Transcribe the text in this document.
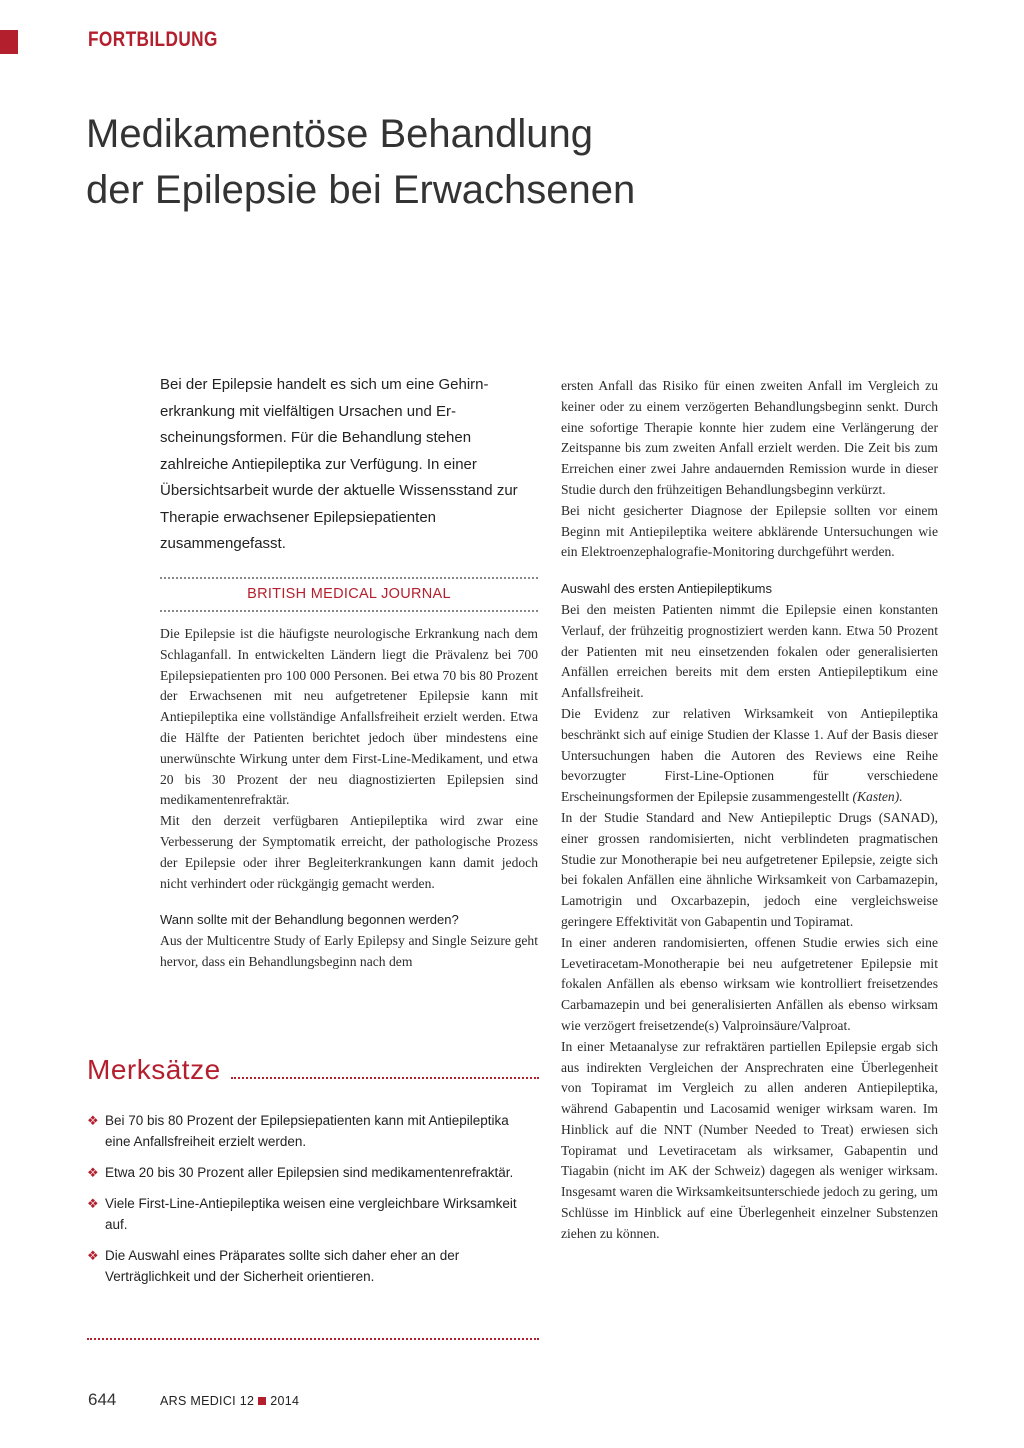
FORTBILDUNG
Medikamentöse Behandlung
der Epilepsie bei Erwachsenen

Bei der Epilepsie handelt es sich um eine Gehirnerkrankung mit vielfältigen Ursachen und Erscheinungsformen. Für die Behandlung stehen zahlreiche Antiepileptika zur Verfügung. In einer Übersichtsarbeit wurde der aktuelle Wissensstand zur Therapie erwachsener Epilepsiepatienten zusammengefasst.

BRITISH MEDICAL JOURNAL

Die Epilepsie ist die häufigste neurologische Erkrankung nach dem Schlaganfall. In entwickelten Ländern liegt die Prävalenz bei 700 Epilepsiepatienten pro 100 000 Personen. Bei etwa 70 bis 80 Prozent der Erwachsenen mit neu aufgetretener Epilepsie kann mit Antiepileptika eine vollständige Anfallsfreiheit erzielt werden. Etwa die Hälfte der Patienten berichtet jedoch über mindestens eine unerwünschte Wirkung unter dem First-Line-Medikament, und etwa 20 bis 30 Prozent der neu diagnostizierten Epilepsien sind medikamentenrefraktär.

Mit den derzeit verfügbaren Antiepileptika wird zwar eine Verbesserung der Symptomatik erreicht, der pathologische Prozess der Epilepsie oder ihrer Begleiterkrankungen kann damit jedoch nicht verhindert oder rückgängig gemacht werden.

Wann sollte mit der Behandlung begonnen werden?

Aus der Multicentre Study of Early Epilepsy and Single Seizure geht hervor, dass ein Behandlungsbeginn nach dem

ersten Anfall das Risiko für einen zweiten Anfall im Vergleich zu keiner oder zu einem verzögerten Behandlungsbeginn senkt. Durch eine sofortige Therapie konnte hier zudem eine Verlängerung der Zeitspanne bis zum zweiten Anfall erzielt werden. Die Zeit bis zum Erreichen einer zwei Jahre andauernden Remission wurde in dieser Studie durch den frühzeitigen Behandlungsbeginn verkürzt.

Bei nicht gesicherter Diagnose der Epilepsie sollten vor einem Beginn mit Antiepileptika weitere abklärende Untersuchungen wie ein Elektroenzephalografie-Monitoring durchgeführt werden.

Auswahl des ersten Antiepileptikums

Bei den meisten Patienten nimmt die Epilepsie einen konstanten Verlauf, der frühzeitig prognostiziert werden kann. Etwa 50 Prozent der Patienten mit neu einsetzenden fokalen oder generalisierten Anfällen erreichen bereits mit dem ersten Antiepileptikum eine Anfallsfreiheit.

Die Evidenz zur relativen Wirksamkeit von Antiepileptika beschränkt sich auf einige Studien der Klasse 1. Auf der Basis dieser Untersuchungen haben die Autoren des Reviews eine Reihe bevorzugter First-Line-Optionen für verschiedene Erscheinungsformen der Epilepsie zusammengestellt (Kasten).

In der Studie Standard and New Antiepileptic Drugs (SANAD), einer grossen randomisierten, nicht verblindeten pragmatischen Studie zur Monotherapie bei neu aufgetretener Epilepsie, zeigte sich bei fokalen Anfällen eine ähnliche Wirksamkeit von Carbamazepin, Lamotrigin und Oxcarbazepin, jedoch eine vergleichsweise geringere Effektivität von Gabapentin und Topiramat.

In einer anderen randomisierten, offenen Studie erwies sich eine Levetiracetam-Monotherapie bei neu aufgetretener Epilepsie mit fokalen Anfällen als ebenso wirksam wie kontrolliert freisetzendes Carbamazepin und bei generalisierten Anfällen als ebenso wirksam wie verzögert freisetzende(s) Valproinsäure/Valproat.

In einer Metaanalyse zur refraktären partiellen Epilepsie ergab sich aus indirekten Vergleichen der Ansprechraten eine Überlegenheit von Topiramat im Vergleich zu allen anderen Antiepileptika, während Gabapentin und Lacosamid weniger wirksam waren. Im Hinblick auf die NNT (Number Needed to Treat) erwiesen sich Topiramat und Levetiracetam als wirksamer, Gabapentin und Tiagabin (nicht im AK der Schweiz) dagegen als weniger wirksam. Insgesamt waren die Wirksamkeitsunterschiede jedoch zu gering, um Schlüsse im Hinblick auf eine Überlegenheit einzelner Substenzen ziehen zu können.

Merksätze
❖ Bei 70 bis 80 Prozent der Epilepsiepatienten kann mit Antiepileptika eine Anfallsfreiheit erzielt werden.
❖ Etwa 20 bis 30 Prozent aller Epilepsien sind medikamentenrefraktär.
❖ Viele First-Line-Antiepileptika weisen eine vergleichbare Wirksamkeit auf.
❖ Die Auswahl eines Präparates sollte sich daher eher an der Verträglichkeit und der Sicherheit orientieren.
644	ARS MEDICI 12 2014
